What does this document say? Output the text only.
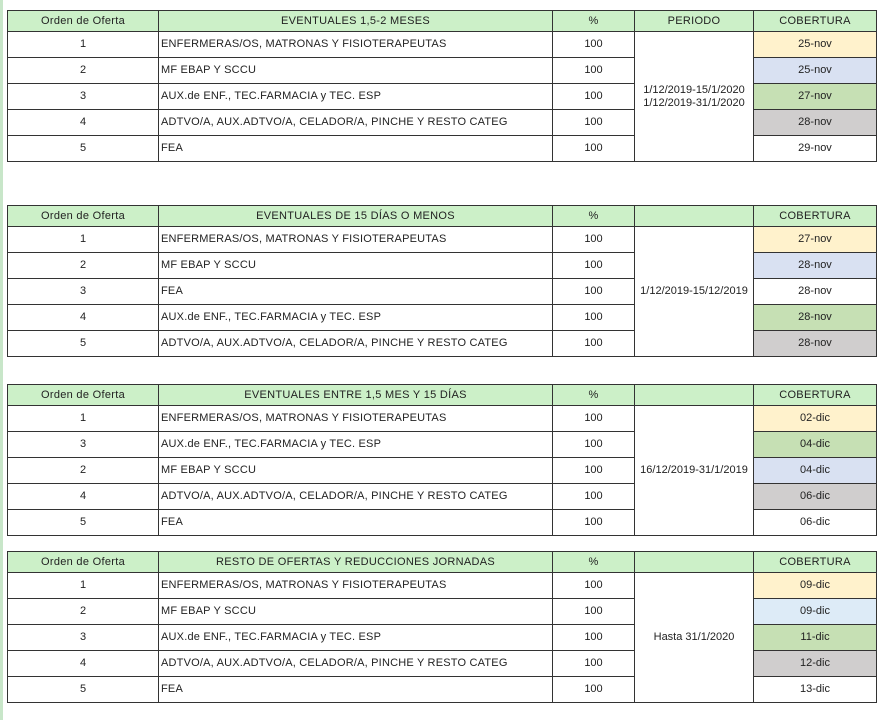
Orden de Oferta	EVENTUALES 1,5-2 MESES	%	PERIODO	COBERTURA
1	ENFERMERAS/OS, MATRONAS Y FISIOTERAPEUTAS	100	1/12/2019-15/1/2020 1/12/2019-31/1/2020	25-nov
2	MF EBAP Y SCCU	100		25-nov
3	AUX.de ENF., TEC.FARMACIA y TEC. ESP	100		27-nov
4	ADTVO/A, AUX.ADTVO/A, CELADOR/A, PINCHE Y RESTO CATEG	100		28-nov
5	FEA	100		29-nov
Orden de Oferta	EVENTUALES DE 15 DÍAS O MENOS	%		COBERTURA
1	ENFERMERAS/OS, MATRONAS Y FISIOTERAPEUTAS	100	1/12/2019-15/12/2019	27-nov
2	MF EBAP Y SCCU	100		28-nov
3	FEA	100		28-nov
4	AUX.de ENF., TEC.FARMACIA y TEC. ESP	100		28-nov
5	ADTVO/A, AUX.ADTVO/A, CELADOR/A, PINCHE Y RESTO CATEG	100		28-nov
Orden de Oferta	EVENTUALES ENTRE 1,5 MES Y 15 DÍAS	%		COBERTURA
1	ENFERMERAS/OS, MATRONAS Y FISIOTERAPEUTAS	100	16/12/2019-31/1/2019	02-dic
3	AUX.de ENF., TEC.FARMACIA y TEC. ESP	100		04-dic
2	MF EBAP Y SCCU	100		04-dic
4	ADTVO/A, AUX.ADTVO/A, CELADOR/A, PINCHE Y RESTO CATEG	100		06-dic
5	FEA	100		06-dic
Orden de Oferta	RESTO DE OFERTAS Y REDUCCIONES JORNADAS	%		COBERTURA
1	ENFERMERAS/OS, MATRONAS Y FISIOTERAPEUTAS	100	Hasta 31/1/2020	09-dic
2	MF EBAP Y SCCU	100		09-dic
3	AUX.de ENF., TEC.FARMACIA y TEC. ESP	100		11-dic
4	ADTVO/A, AUX.ADTVO/A, CELADOR/A, PINCHE Y RESTO CATEG	100		12-dic
5	FEA	100		13-dic
